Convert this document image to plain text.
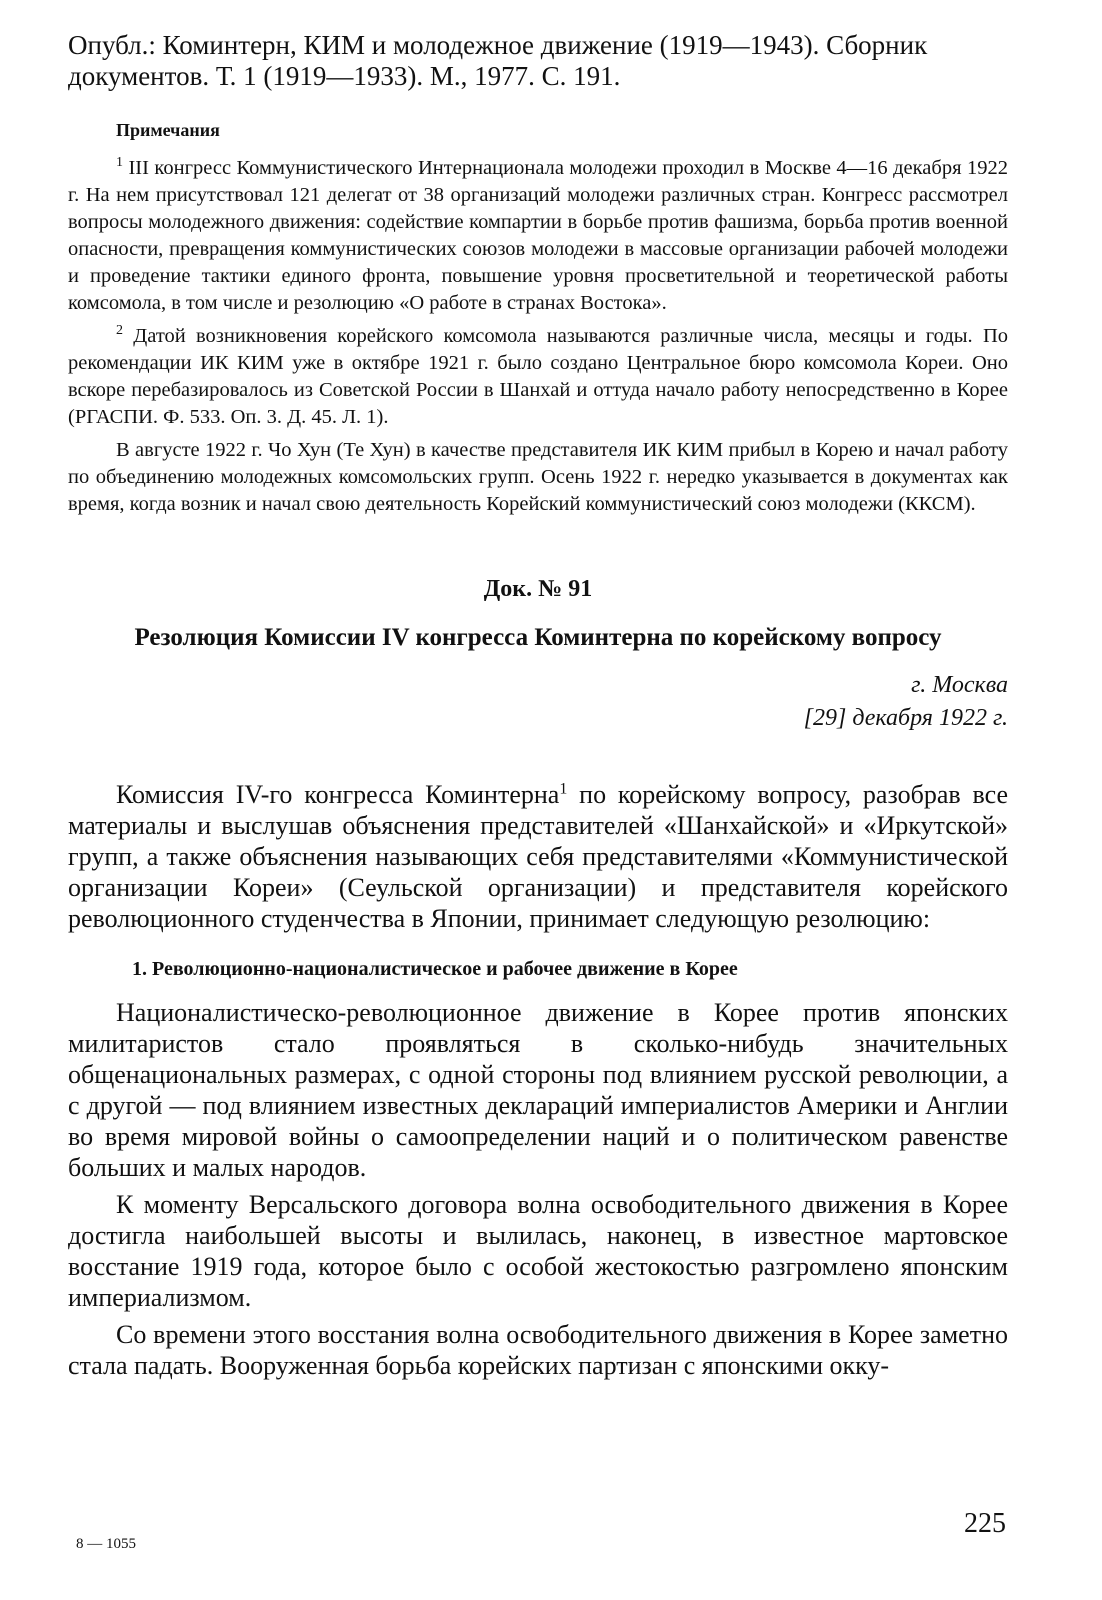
Опубл.: Коминтерн, КИМ и молодежное движение (1919—1943). Сборник документов. Т. 1 (1919—1933). М., 1977. С. 191.

Примечания

$^1$ III конгресс Коммунистического Интернационала молодежи проходил в Москве 4—16 декабря 1922 г. На нем присутствовал 121 делегат от 38 организаций молодежи различных стран. Конгресс рассмотрел вопросы молодежного движения: содействие компартии в борьбе против фашизма, борьба против военной опасности, превращения коммунистических союзов молодежи в массовые организации рабочей молодежи и проведение тактики единого фронта, повышение уровня просветительной и теоретической работы комсомола, в том числе и резолюцию «О работе в странах Востока».

$^2$ Датой возникновения корейского комсомола называются различные числа, месяцы и годы. По рекомендации ИК КИМ уже в октябре 1921 г. было создано Центральное бюро комсомола Кореи. Оно вскоре перебазировалось из Советской России в Шанхай и оттуда начало работу непосредственно в Корее (РГАСПИ. Ф. 533. Оп. 3. Д. 45. Л. 1).

В августе 1922 г. Чо Хун (Те Хун) в качестве представителя ИК КИМ прибыл в Корею и начал работу по объединению молодежных комсомольских групп. Осень 1922 г. нередко указывается в документах как время, когда возник и начал свою деятельность Корейский коммунистический союз молодежи (ККСМ).

Док. № 91
Резолюция Комиссии IV конгресса Коминтерна по корейскому вопросу

г. Москва

[29] декабря 1922 г.

Комиссия IV-го конгресса Коминтерна$^1$ по корейскому вопросу, разобрав все материалы и выслушав объяснения представителей «Шанхайской» и «Иркутской» групп, а также объяснения называющих себя представителями «Коммунистической организации Кореи» (Сеульской организации) и представителя корейского революционного студенчества в Японии, принимает следующую резолюцию:

1. Революционно-националистическое и рабочее движение в Корее

Националистическо-революционное движение в Корее против японских милитаристов стало проявляться в сколько-нибудь значительных общенациональных размерах, с одной стороны под влиянием русской революции, а с другой — под влиянием известных деклараций империалистов Америки и Англии во время мировой войны о самоопределении наций и о политическом равенстве больших и малых народов.

К моменту Версальского договора волна освободительного движения в Корее достигла наибольшей высоты и вылилась, наконец, в известное мартовское восстание 1919 года, которое было с особой жестокостью разгромлено японским империализмом.

Со времени этого восстания волна освободительного движения в Корее заметно стала падать. Вооруженная борьба корейских партизан с японскими окку-

8 — 1055
225
